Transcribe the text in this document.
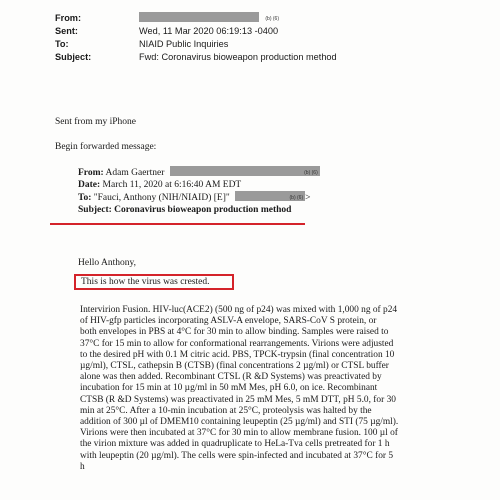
From:	(b) (6)
Sent:	Wed, 11 Mar 2020 06:19:13 -0400
To:	NIAID Public Inquiries
Subject:	Fwd: Coronavirus bioweapon production method
Sent from my iPhone
Begin forwarded message:
From: Adam Gaertner	(b) (6)
Date: March 11, 2020 at 6:16:40 AM EDT
To: "Fauci, Anthony (NIH/NIAID) [E]"	(b) (6) >
Subject: Coronavirus bioweapon production method
Hello Anthony,
This is how the virus was crested.
Intervirion Fusion. HIV-luc(ACE2) (500 ng of p24) was mixed with 1,000 ng of p24
of HIV-gfp particles incorporating ASLV-A envelope, SARS-CoV S protein, or
both envelopes in PBS at 4°C for 30 min to allow binding. Samples were raised to
37°C for 15 min to allow for conformational rearrangements. Virions were adjusted
to the desired pH with 0.1 M citric acid. PBS, TPCK-trypsin (final concentration 10
µg/ml), CTSL, cathepsin B (CTSB) (final concentrations 2 µg/ml) or CTSL buffer
alone was then added. Recombinant CTSL (R &D Systems) was preactivated by
incubation for 15 min at 10 µg/ml in 50 mM Mes, pH 6.0, on ice. Recombinant
CTSB (R &D Systems) was preactivated in 25 mM Mes, 5 mM DTT, pH 5.0, for 30
min at 25°C. After a 10-min incubation at 25°C, proteolysis was halted by the
addition of 300 µl of DMEM10 containing leupeptin (25 µg/ml) and STI (75 µg/ml).
Virions were then incubated at 37°C for 30 min to allow membrane fusion. 100 µl of
the virion mixture was added in quadruplicate to HeLa-Tva cells pretreated for 1 h
with leupeptin (20 µg/ml). The cells were spin-infected and incubated at 37°C for 5
h
